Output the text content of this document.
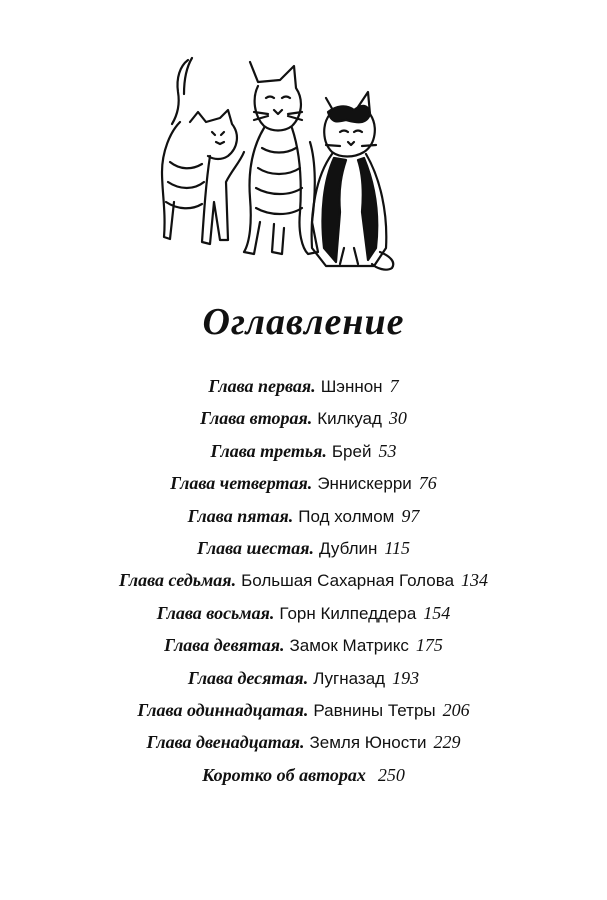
Оглавление
Глава первая. Шэннон 7
Глава вторая. Килкуад 30
Глава третья. Брей 53
Глава четвертая. Эннискерри 76
Глава пятая. Под холмом 97
Глава шестая. Дублин 115
Глава седьмая. Большая Сахарная Голова 134
Глава восьмая. Горн Килпеддера 154
Глава девятая. Замок Матрикс 175
Глава десятая. Лугназад 193
Глава одиннадцатая. Равнины Тетры 206
Глава двенадцатая. Земля Юности 229
Коротко об авторах 250
